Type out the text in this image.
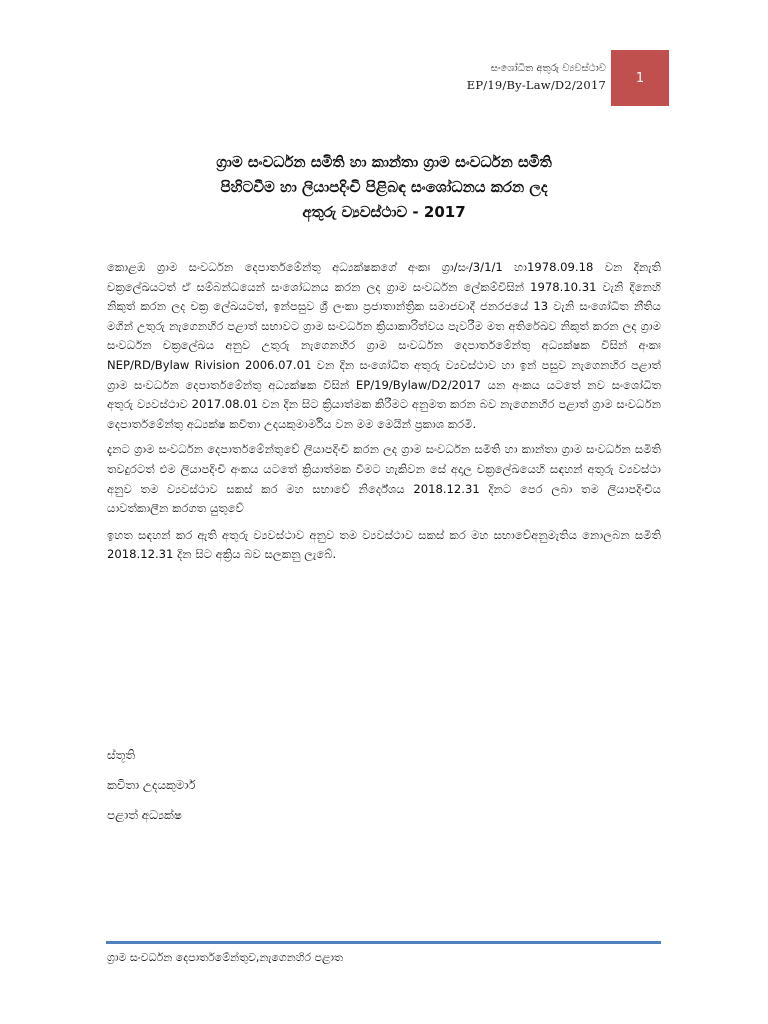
සංශෝධිත අතුරු ව්‍යවස්ථාව
EP/19/By-Law/D2/2017 1
ග්‍රාම සංවර්ධන සමිති හා කාන්තා ග්‍රාම සංවර්ධන සමිති
පිහිටවීම හා ලියාපදිංචි පිළිබඳ සංශෝධනය කරන ලද
අතුරු ව්‍යවස්ථාව - 2017

කොළඹ ග්‍රාම සංවර්ධන දෙපාර්තමේන්තු අධ්‍යක්ෂකගේ අංකඃ ග්‍රා/සං/3/1/1 හා1978.09.18 වන දිනැති චක්‍රලේඛයටත් ඒ සම්බන්ධයෙන් සංශෝධනය කරන ලද ග්‍රාම සංවර්ධන ලේකම්විසින් 1978.10.31 වැනි දිනෙහි නිකුත් කරන ලද චක්‍ර ලේඛයටත්, ඉන්පසුව ශ්‍රී ලංකා ප්‍රජාතාන්ත්‍රික සමාජවාදී ජනරජයේ 13 වැනි සංශෝධිත නීතිය මගින් උතුරු නැගෙනහිර පළාත් සභාවට ග්‍රාම සංවර්ධන ක්‍රියාකාරිත්වය පැවරීම මත අතිරේඛව නිකුත් කරන ලද ග්‍රාම සංවර්ධන චක්‍රලේඛය අනුව උතුරු නැගෙනහිර ග්‍රාම සංවර්ධන දෙපාර්තමේන්තු අධ්‍යක්ෂක විසින් අංකඃ NEP/RD/Bylaw Rivision 2006.07.01 වන දින සංශෝධිත අතුරු ව්‍යවස්ථාව හා ඉන් පසුව නැගෙනහිර පළාත් ග්‍රාම සංවර්ධන දෙපාර්තමේන්තු අධ්‍යක්ෂක විසින් EP/19/Bylaw/D2/2017 යන අංකය යටතේ නව සංශෝධිත අතුරු ව්‍යවස්ථාව 2017.08.01 වන දින සිට ක්‍රියාත්මක කිරීමට අනුමත කරන බව නැගෙනහිර පළාත් ග්‍රාම සංවර්ධන දෙපාර්තමේන්තු අධ්‍යක්ෂ කවිතා උදයකුමාර්මිය වන මම මෙයින් ප්‍රකාශ කරමි.

දැනට ග්‍රාම සංවර්ධන දෙපාර්තමේන්තුවේ ලියාපදිංචි කරන ලද ග්‍රාම සංවර්ධන සමිති හා කාන්තා ග්‍රාම සංවර්ධන සමිති තවදුරටත් එම ලියාපදිංචි අංකය යටතේ ක්‍රියාත්මක වීමට හැකිවන සේ අදාල චක්‍රලේඛයෙහි සඳහන් අතුරු ව්‍යවස්ථා අනුව තම ව්‍යවස්ථාව සකස් කර මහ සභාවේ නිර්දේශය 2018.12.31 දිනට පෙර ලබා තම ලියාපදිංචිය යාවත්කාලීන කරගත යුතුවේ

ඉහත සඳහන් කර ඇති අතුරු ව්‍යවස්ථාව අනුව තම ව්‍යවස්ථාව සකස් කර මහ සභාවේඅනුමැතිය නොලබන සමිති 2018.12.31 දින සිට අක්‍රිය බව සලකනු ලැබේ.

ස්තූති
කවිතා උදයකුමාර්
පළාත් අධ්‍යක්ෂ
ග්‍රාම සංවර්ධන දෙපාර්තමේන්තුව,නැගෙනහිර පළාත
